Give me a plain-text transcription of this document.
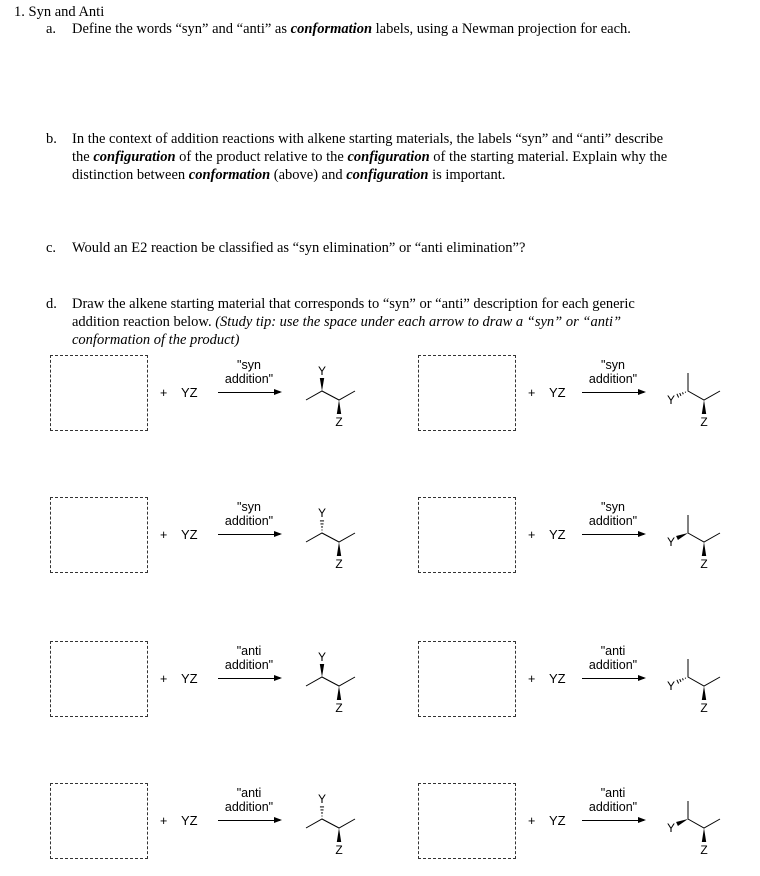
1. Syn and Anti
a. Define the words “syn” and “anti” as conformation labels, using a Newman projection for each.
b. In the context of addition reactions with alkene starting materials, the labels “syn” and “anti” describe
the configuration of the product relative to the configuration of the starting material. Explain why the
distinction between conformation (above) and configuration is important.
c. Would an E2 reaction be classified as “syn elimination” or “anti elimination”?
d. Draw the alkene starting material that corresponds to “syn” or “anti” description for each generic
addition reaction below. (Study tip: use the space under each arrow to draw a “syn” or “anti”
conformation of the product)
+ YZ
"syn
addition"
Y
Z
+ YZ
"syn
addition"
Y
Z
+ YZ
"syn
addition"
Y
Z
+ YZ
"syn
addition"
Y
Z
+ YZ
"anti
addition"
Y
Z
+ YZ
"anti
addition"
Y
Z
+ YZ
"anti
addition"
Y
Z
+ YZ
"anti
addition"
Y
Z
